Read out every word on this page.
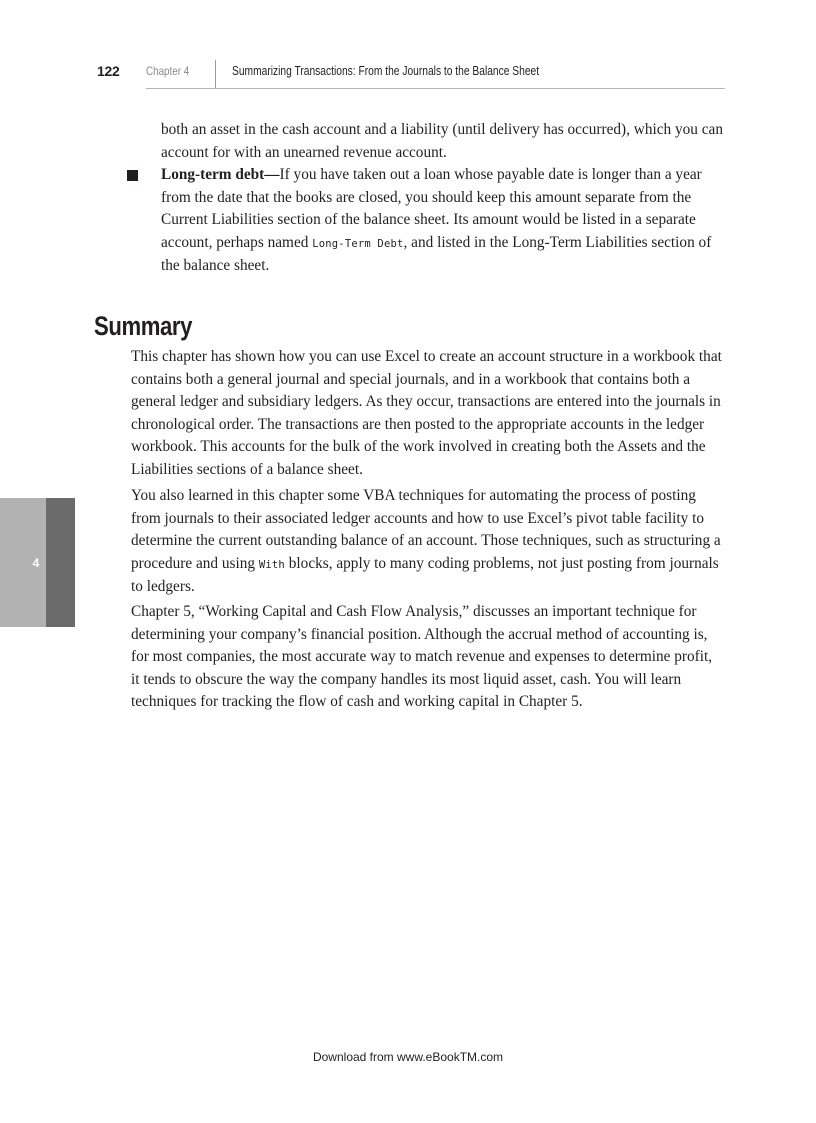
122 Chapter 4	Summarizing Transactions: From the Journals to the Balance Sheet

both an asset in the cash account and a liability (until delivery has occurred), which you can account for with an unearned revenue account.

Long-term debt—If you have taken out a loan whose payable date is longer than a year from the date that the books are closed, you should keep this amount separate from the Current Liabilities section of the balance sheet. Its amount would be listed in a separate account, perhaps named Long-Term Debt, and listed in the Long-Term Liabilities section of the balance sheet.

Summary

This chapter has shown how you can use Excel to create an account structure in a workbook that contains both a general journal and special journals, and in a workbook that contains both a general ledger and subsidiary ledgers. As they occur, transactions are entered into the journals in chronological order. The transactions are then posted to the appropriate accounts in the ledger workbook. This accounts for the bulk of the work involved in creating both the Assets and the Liabilities sections of a balance sheet.

You also learned in this chapter some VBA techniques for automating the process of posting from journals to their associated ledger accounts and how to use Excel’s pivot table facility to determine the current outstanding balance of an account. Those techniques, such as structuring a procedure and using With blocks, apply to many coding problems, not just posting from journals to ledgers.

Chapter 5, “Working Capital and Cash Flow Analysis,” discusses an important technique for determining your company’s financial position. Although the accrual method of accounting is, for most companies, the most accurate way to match revenue and expenses to determine profit, it tends to obscure the way the company handles its most liquid asset, cash. You will learn techniques for tracking the flow of cash and working capital in Chapter 5.

4
Download from www.eBookTM.com
